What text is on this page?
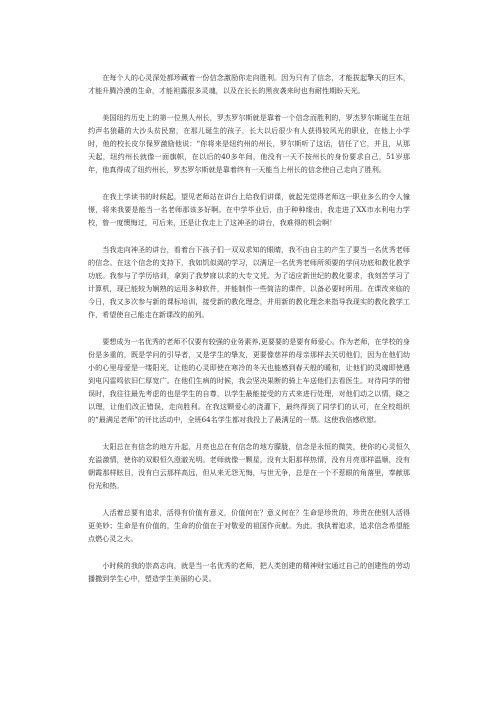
在每个人的心灵深处都珍藏着一份信念激励你走向胜利。因为只有了信念，才能拔起擎天的巨木，才能升腾冷漠的生命，才能袒露很多灵魂，以及在长长的黑夜袭来时也有耐性期盼天光。

美国纽约历史上的第一位黑人州长，罗杰罗尔斯就是靠着一个信念而胜利的，罗杰罗尔斯诞生在纽约声名狼藉的大沙头贫民窟，在那儿诞生的孩子，长大以后很少有人获得较风光的职业，在他上小学时，他的校长皮尔保罗激励他说：“你将来是纽约州的州长，罗尔斯听了这话，信任了它，并且，从那天起，纽约州长就像一面旗帜，在以后的40多年间，他没有一天不按州长的身份要求自己，51岁那年，他真得成了纽约州长，罗杰罗尔斯就是靠着终有一天能当上州长的信念使自己走向了胜利。

在我上学读书的时候起，望见老师站在讲台上给我们讲课，就起先觉得老师这一职业多么的令人憧憬，将来我要是能当一名老师那该多好啊。在中学毕业后，由于种种缘由，我走进了XX市水利电力学校，曾一度懊悔过，可后来，还是让我走上了这神圣的讲台，我难得的机会啊！

当我走向神圣的讲台，看着台下孩子们一双双求知的眼睛，我不由自主的产生了要当一名优秀老师的信念。在这个信念的支持下，我如饥似渴的学习，以满足一名优秀老师所须要的学问功底和教化教学功底。我参与了学历培训，拿到了我梦寐以求的大专文凭。为了适应新世纪的教化要求，我刻苦学习了计算机，现已能较为娴熟的运用多种软件，并能制作一些简洁的课件，以备必要时所用。在课改来临的今日，我又多次参与新的课标培训，接受新的教化理念，并用新的教化理念来指导我现实的教化教学工作，希望使自己能走在新课改的前列。

要想成为一名优秀的老师不仅要有较强的业务素养,更要要的是要有师爱心。作为老师，在学校的身份是多重的，既是学问的引导者，又是学生的挚友，更要像慈祥的母亲那样去关切他们，因为在他们幼小的心里母爱是一缕阳光，让他的心灵即使在寒冷的冬天也能感到春天般的暖和，让他们的灵魂即使遇到电闪雷鸣依旧仁厚宽广。在他们生病的时候，我会坚决果断的骑上车送他们去看医生。对待同学的错误时，我往往最先考虑的也是学生的自尊，以学生最能接受的方式来进行处理，对他们动之以情，晓之以理，让他们改正错误，走向胜利。在我这颗爱心的浇灌下，最终得到了同学们的认可，在全校组织的“最满足老师”的评比活动中，全班64名学生都对我投上了最满足的一票。这使我倍感欣慰。

太阳总在有信念的地方升起，月亮也总在有信念的地方朦胧，信念是永恒的微笑，使你的心灵恒久充溢激情，使你的双眼恒久澄澈光明。老师就像一颗星，没有太阳那样热情，没有月亮那样温顺，没有朝霞那样眩目，没有白云那样高远，但从来无怨无悔，与世无争，总是在一个不惹眼的角落里，奉献那份光和热。

人活着总要有追求，活得有价值有意义，价值何在？意义何在？生命是珍贵的，珍贵在使别人活得更美妙；生命是有价值的，生命的价值在于对敬爱的祖国作贡献。为此，我执着追求，追求信念希望能点燃心灵之火。

小时候的我的崇高志向，就是当一名优秀的老师，把人类创建的精神财宝通过自己的创建性的劳动播撒到学生心中，塑造学生美丽的心灵。
